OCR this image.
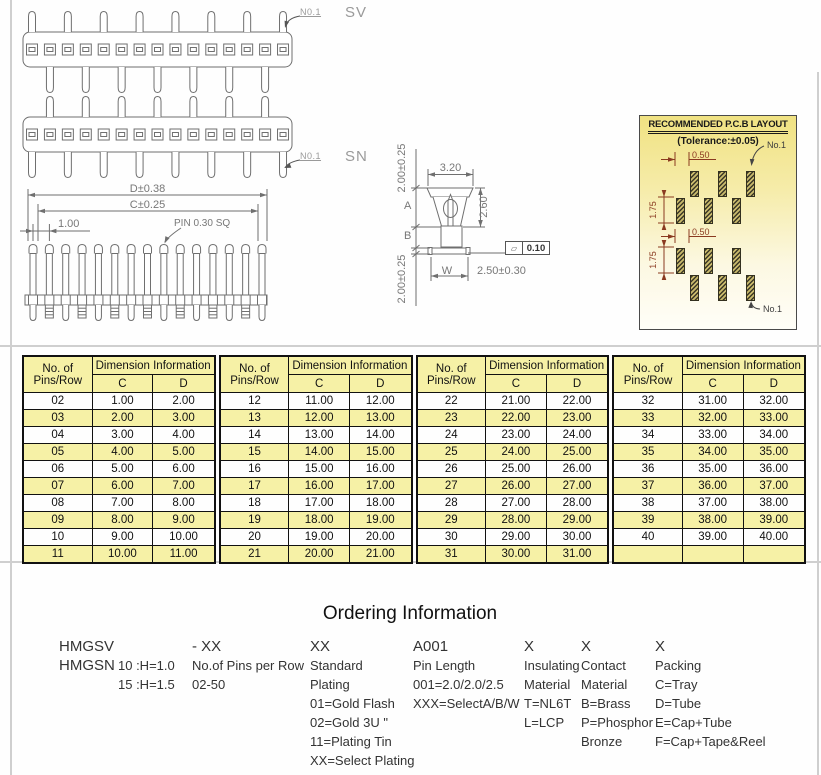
RECOMMENDED P.C.B LAYOUT
(Tolerance:±0.05)
0.50
1.75
0.50
1.75
No.1
No.1
N0.1 SV
N0.1 SN
D±0.38
C±0.25
1.00	PIN 0.30 SQ
3.20
2.60
2.00±0.25
A
B
2.00±0.25	W	2.50±0.30
▱	0.10
No. of
Pins/Row	Dimension Information	
	C	D
02	1.00	2.00
03	2.00	3.00
04	3.00	4.00
05	4.00	5.00
06	5.00	6.00
07	6.00	7.00
08	7.00	8.00
09	8.00	9.00
10	9.00	10.00
11	10.00	11.00
No. of
Pins/Row	Dimension Information	
	C	D
12	11.00	12.00
13	12.00	13.00
14	13.00	14.00
15	14.00	15.00
16	15.00	16.00
17	16.00	17.00
18	17.00	18.00
19	18.00	19.00
20	19.00	20.00
21	20.00	21.00
No. of
Pins/Row	Dimension Information	
	C	D
22	21.00	22.00
23	22.00	23.00
24	23.00	24.00
25	24.00	25.00
26	25.00	26.00
27	26.00	27.00
28	27.00	28.00
29	28.00	29.00
30	29.00	30.00
31	30.00	31.00
No. of
Pins/Row	Dimension Information	
	C	D
32	31.00	32.00
33	32.00	33.00
34	33.00	34.00
35	34.00	35.00
36	35.00	36.00
37	36.00	37.00
38	37.00	38.00
39	38.00	39.00
40	39.00	40.00

Ordering Information
HMGSV
HMGSN 10 :H=1.0
15 :H=1.5
- XX
No.of Pins per Row
02-50
XX
Standard
Plating
01=Gold Flash
02=Gold 3U "
11=Plating Tin
XX=Select Plating
A001
Pin Length
001=2.0/2.0/2.5
XXX=SelectA/B/W
X
Insulating
Material
T=NL6T
L=LCP
X
Contact
Material
B=Brass
P=Phosphor
Bronze
X
Packing
C=Tray
D=Tube
E=Cap+Tube
F=Cap+Tape&Reel
